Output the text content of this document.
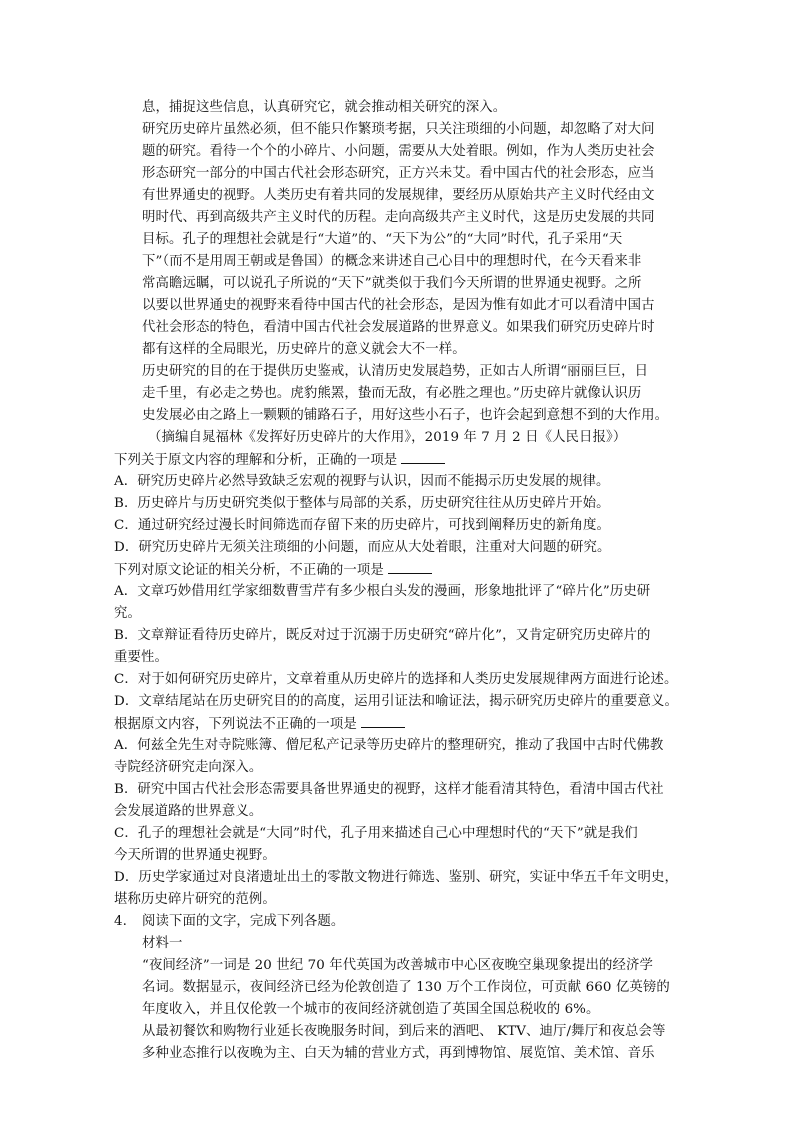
息，捕捉这些信息，认真研究它，就会推动相关研究的深入。
研究历史碎片虽然必须，但不能只作繁琐考据，只关注琐细的小问题，却忽略了对大问
题的研究。看待一个个的小碎片、小问题，需要从大处着眼。例如，作为人类历史社会
形态研究一部分的中国古代社会形态研究，正方兴未艾。看中国古代的社会形态，应当
有世界通史的视野。人类历史有着共同的发展规律，要经历从原始共产主义时代经由文
明时代、再到高级共产主义时代的历程。走向高级共产主义时代，这是历史发展的共同
目标。孔子的理想社会就是行“大道”的、“天下为公”的“大同”时代，孔子采用“天
下”（而不是用周王朝或是鲁国）的概念来讲述自己心目中的理想时代，在今天看来非
常高瞻远瞩，可以说孔子所说的“天下”就类似于我们今天所谓的世界通史视野。之所
以要以世界通史的视野来看待中国古代的社会形态，是因为惟有如此才可以看清中国古
代社会形态的特色，看清中国古代社会发展道路的世界意义。如果我们研究历史碎片时
都有这样的全局眼光，历史碎片的意义就会大不一样。
历史研究的目的在于提供历史鉴戒，认清历史发展趋势，正如古人所谓“丽丽巨巨，日
走千里，有必走之势也。虎豹熊罴，蛰而无敌，有必胜之理也。”历史碎片就像认识历
史发展必由之路上一颗颗的铺路石子，用好这些小石子，也许会起到意想不到的大作用。
（摘编自晁福林《发挥好历史碎片的大作用》，2019 年 7 月 2 日《人民日报》）
下列关于原文内容的理解和分析，正确的一项是
A．研究历史碎片必然导致缺乏宏观的视野与认识，因而不能揭示历史发展的规律。
B．历史碎片与历史研究类似于整体与局部的关系，历史研究往往从历史碎片开始。
C．通过研究经过漫长时间筛选而存留下来的历史碎片，可找到阐释历史的新角度。
D．研究历史碎片无须关注琐细的小问题，而应从大处着眼，注重对大问题的研究。
下列对原文论证的相关分析，不正确的一项是
A．文章巧妙借用红学家细数曹雪芹有多少根白头发的漫画，形象地批评了“碎片化”历史研
究。
B．文章辩证看待历史碎片，既反对过于沉溺于历史研究“碎片化”，又肯定研究历史碎片的
重要性。
C．对于如何研究历史碎片，文章着重从历史碎片的选择和人类历史发展规律两方面进行论述。
D．文章结尾站在历史研究目的的高度，运用引证法和喻证法，揭示研究历史碎片的重要意义。
根据原文内容，下列说法不正确的一项是
A．何兹全先生对寺院账簿、僧尼私产记录等历史碎片的整理研究，推动了我国中古时代佛教
寺院经济研究走向深入。
B．研究中国古代社会形态需要具备世界通史的视野，这样才能看清其特色，看清中国古代社
会发展道路的世界意义。
C．孔子的理想社会就是“大同”时代，孔子用来描述自己心中理想时代的“天下”就是我们
今天所谓的世界通史视野。
D．历史学家通过对良渚遗址出土的零散文物进行筛选、鉴别、研究，实证中华五千年文明史，
堪称历史碎片研究的范例。
4. 阅读下面的文字，完成下列各题。
材料一
“夜间经济”一词是 20 世纪 70 年代英国为改善城市中心区夜晚空巢现象提出的经济学
名词。数据显示，夜间经济已经为伦敦创造了 130 万个工作岗位，可贡献 660 亿英镑的
年度收入，并且仅伦敦一个城市的夜间经济就创造了英国全国总税收的 6%。
从最初餐饮和购物行业延长夜晚服务时间，到后来的酒吧、 KTV、迪厅/舞厅和夜总会等
多种业态推行以夜晚为主、白天为辅的营业方式，再到博物馆、展览馆、美术馆、音乐
